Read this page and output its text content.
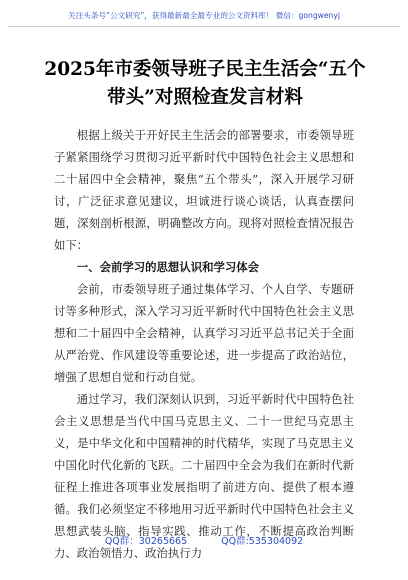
关注头条号“公文研究”，获得最新最全最专业的公文资料库！ 微信：gongwenyj
2025年市委领导班子民主生活会“五个带头”对照检查发言材料

根据上级关于开好民主生活会的部署要求，市委领导班子紧紧围绕学习贯彻习近平新时代中国特色社会主义思想和二十届四中全会精神，聚焦“五个带头”，深入开展学习研讨，广泛征求意见建议，坦诚进行谈心谈话，认真查摆问题，深刻剖析根源，明确整改方向。现将对照检查情况报告如下：

一、会前学习的思想认识和学习体会

会前，市委领导班子通过集体学习、个人自学、专题研讨等多种形式，深入学习习近平新时代中国特色社会主义思想和二十届四中全会精神，认真学习习近平总书记关于全面从严治党、作风建设等重要论述，进一步提高了政治站位，增强了思想自觉和行动自觉。

通过学习，我们深刻认识到，习近平新时代中国特色社会主义思想是当代中国马克思主义、二十一世纪马克思主义，是中华文化和中国精神的时代精华，实现了马克思主义中国化时代化新的飞跃。二十届四中全会为我们在新时代新征程上推进各项事业发展指明了前进方向、提供了根本遵循。我们必须坚定不移地用习近平新时代中国特色社会主义思想武装头脑、指导实践、推动工作，不断提高政治判断力、政治领悟力、政治执行力

QQ群：30265665	QQ群:535304092
